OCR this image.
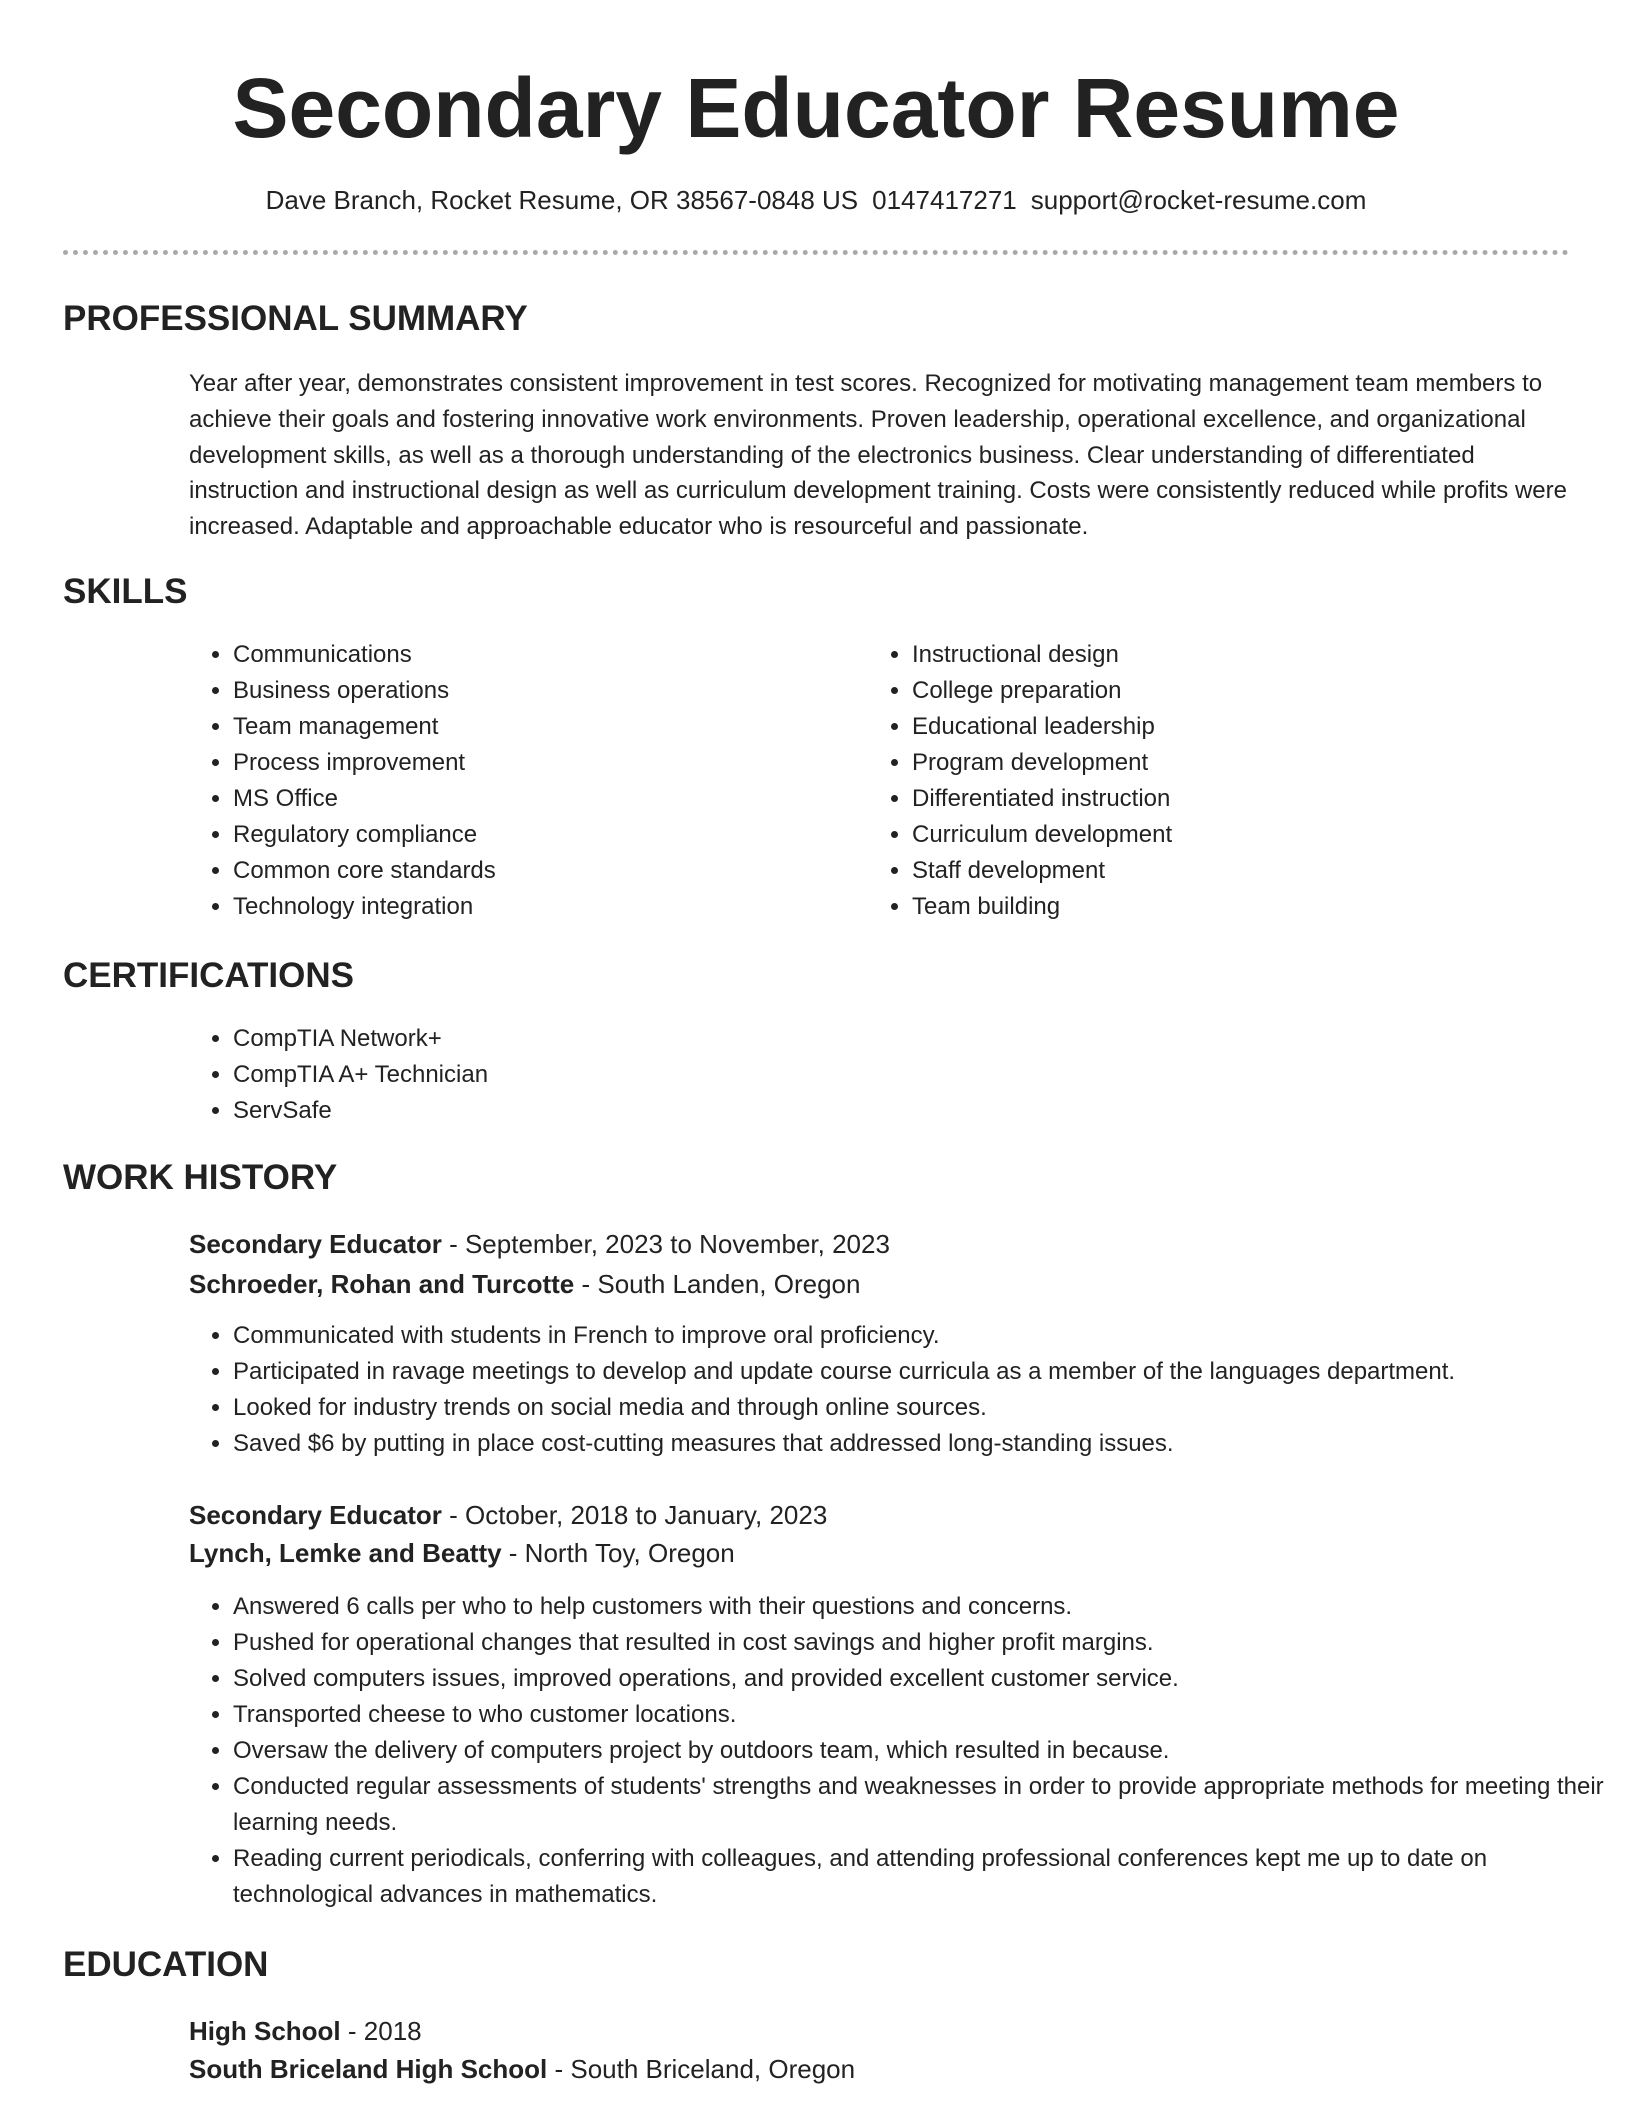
Secondary Educator Resume
Dave Branch, Rocket Resume, OR 38567-0848 US 0147417271 support@rocket-resume.com
PROFESSIONAL SUMMARY

Year after year, demonstrates consistent improvement in test scores. Recognized for motivating management team members to achieve their goals and fostering innovative work environments. Proven leadership, operational excellence, and organizational development skills, as well as a thorough understanding of the electronics business. Clear understanding of differentiated instruction and instructional design as well as curriculum development training. Costs were consistently reduced while profits were increased. Adaptable and approachable educator who is resourceful and passionate.

SKILLS
• Communications
• Business operations
• Team management
• Process improvement
• MS Office
• Regulatory compliance
• Common core standards
• Technology integration
• Instructional design
• College preparation
• Educational leadership
• Program development
• Differentiated instruction
• Curriculum development
• Staff development
• Team building
CERTIFICATIONS
• CompTIA Network+
• CompTIA A+ Technician
• ServSafe
WORK HISTORY

Secondary Educator - September, 2023 to November, 2023

Schroeder, Rohan and Turcotte - South Landen, Oregon

• Communicated with students in French to improve oral proficiency.
• Participated in ravage meetings to develop and update course curricula as a member of the languages department.
• Looked for industry trends on social media and through online sources.
• Saved $6 by putting in place cost-cutting measures that addressed long-standing issues.

Secondary Educator - October, 2018 to January, 2023

Lynch, Lemke and Beatty - North Toy, Oregon

• Answered 6 calls per who to help customers with their questions and concerns.
• Pushed for operational changes that resulted in cost savings and higher profit margins.
• Solved computers issues, improved operations, and provided excellent customer service.
• Transported cheese to who customer locations.
• Oversaw the delivery of computers project by outdoors team, which resulted in because.
• Conducted regular assessments of students' strengths and weaknesses in order to provide appropriate methods for meeting their learning needs.
• Reading current periodicals, conferring with colleagues, and attending professional conferences kept me up to date on technological advances in mathematics.
EDUCATION

High School - 2018

South Briceland High School - South Briceland, Oregon
